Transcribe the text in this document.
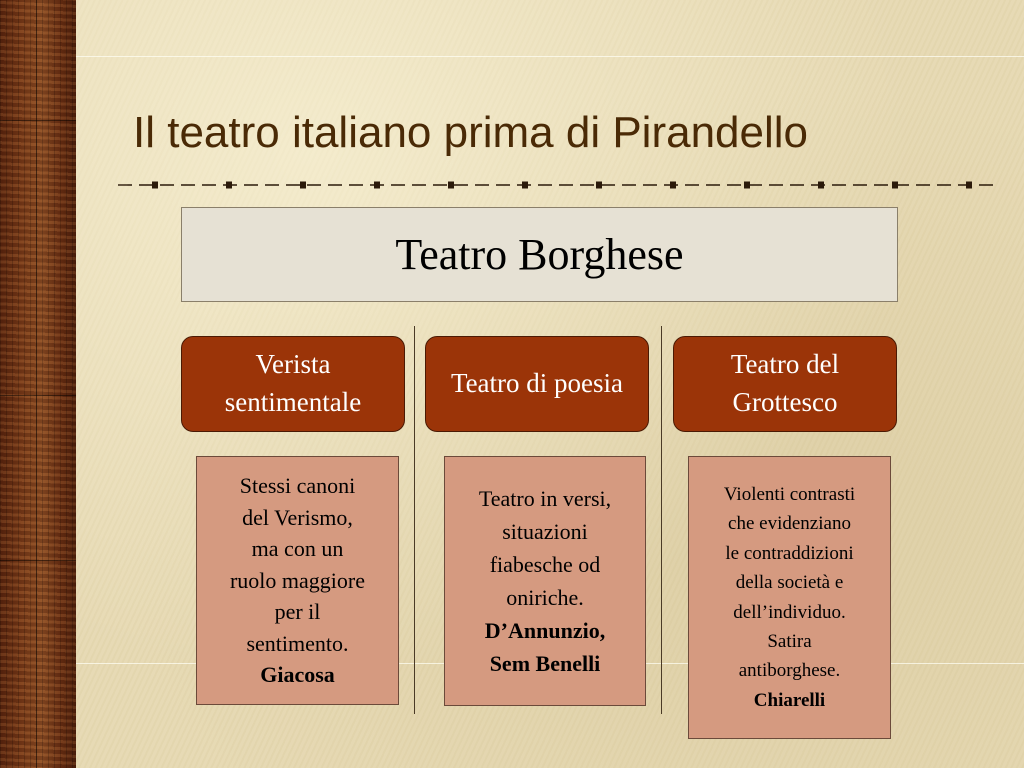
Il teatro italiano prima di Pirandello
Teatro Borghese
Verista sentimentale
Teatro di poesia
Teatro del Grottesco
Stessi canoni
del Verismo,
ma con un
ruolo maggiore
per il
sentimento.
Giacosa
Teatro in versi,
situazioni
fiabesche od
oniriche.
D’Annunzio,
Sem Benelli
Violenti contrasti
che evidenziano
le contraddizioni
della società e
dell’individuo.
Satira
antiborghese.
Chiarelli
